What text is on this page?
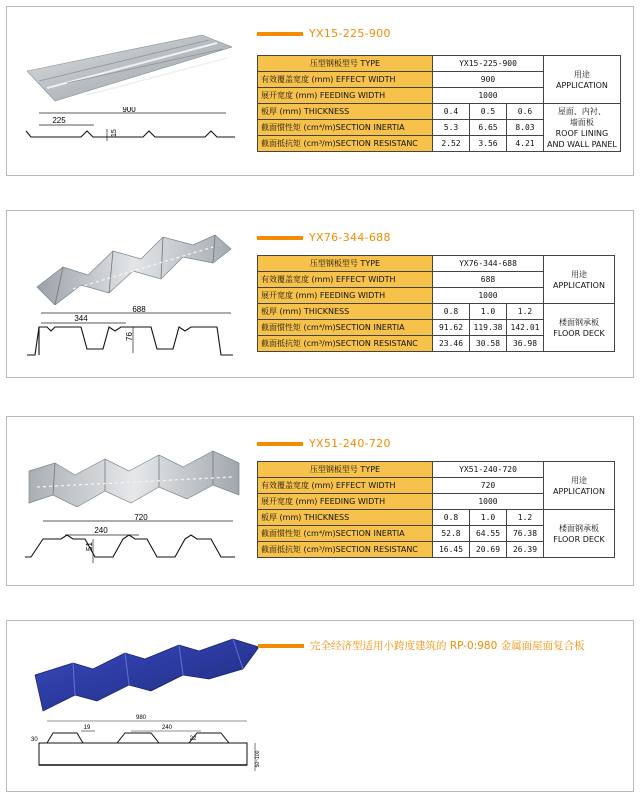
900
225
15
YX15-225-900
压型钢板型号 TYPE	YX15-225-900			用途
APPLICATION

有效覆盖宽度 (mm) EFFECT WIDTH	900			
展开宽度 (mm) FEEDING WIDTH	1000			
板厚 (mm) THICKNESS	0.4	0.5	0.6	屋面、内衬、
墙面板
ROOF LINING
AND WALL PANEL

截面惯性矩 (cm⁴/m)SECTION INERTIA	5.3	6.65	8.03	
截面抵抗矩 (cm³/m)SECTION RESISTANC	2.52	3.56	4.21	
688
344
76
YX76-344-688
压型钢板型号 TYPE	YX76-344-688			用途
APPLICATION

有效覆盖宽度 (mm) EFFECT WIDTH	688			
展开宽度 (mm) FEEDING WIDTH	1000			
板厚 (mm) THICKNESS	0.8	1.0	1.2	楼面钢承板
FLOOR DECK

截面惯性矩 (cm⁴/m)SECTION INERTIA	91.62	119.38	142.01	
截面抵抗矩 (cm³/m)SECTION RESISTANC	23.46	30.58	36.98	
720
240
51
YX51-240-720
压型钢板型号 TYPE	YX51-240-720			用途
APPLICATION

有效覆盖宽度 (mm) EFFECT WIDTH	720			
展开宽度 (mm) FEEDING WIDTH	1000			
板厚 (mm) THICKNESS	0.8	1.0	1.2	楼面钢承板
FLOOR DECK

截面惯性矩 (cm⁴/m)SECTION INERTIA	52.8	64.55	76.38	
截面抵抗矩 (cm³/m)SECTION RESISTANC	16.45	20.69	26.39	
980
19	240
22
30
50~100
完全经济型适用小跨度建筑的 RP-0:980 金属面屋面复合板
